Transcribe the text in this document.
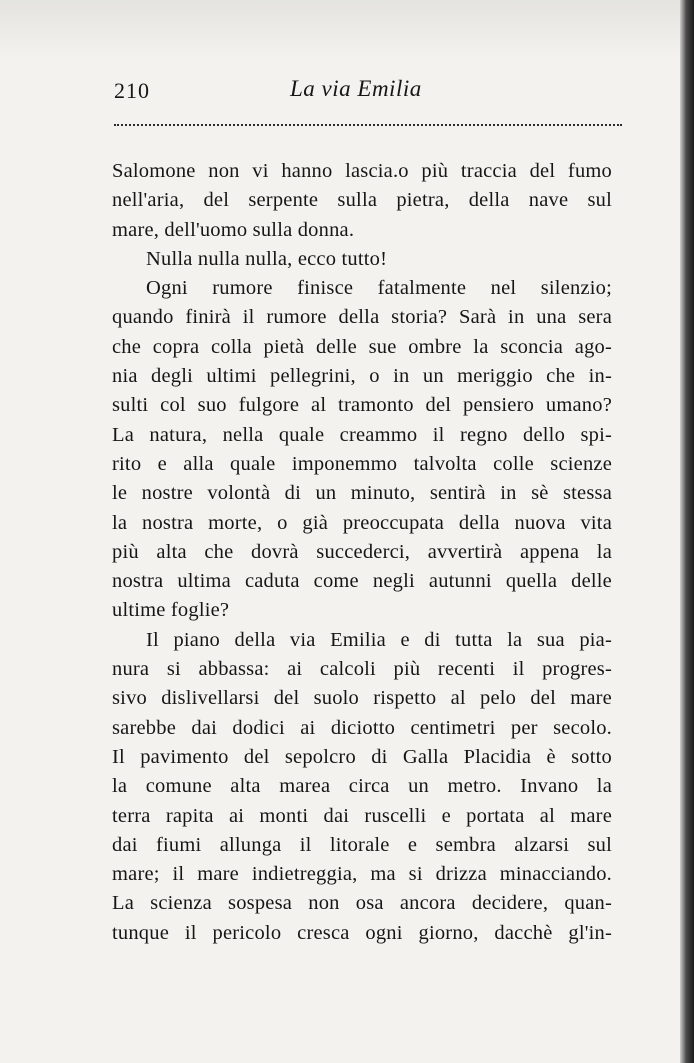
210	La via Emilia
Salomone non vi hanno lascia.o più traccia del fumo
nell'aria, del serpente sulla pietra, della nave sul
mare, dell'uomo sulla donna.
Nulla nulla nulla, ecco tutto!
Ogni rumore finisce fatalmente nel silenzio;
quando finirà il rumore della storia? Sarà in una sera
che copra colla pietà delle sue ombre la sconcia ago-
nia degli ultimi pellegrini, o in un meriggio che in-
sulti col suo fulgore al tramonto del pensiero umano?
La natura, nella quale creammo il regno dello spi-
rito e alla quale imponemmo talvolta colle scienze
le nostre volontà di un minuto, sentirà in sè stessa
la nostra morte, o già preoccupata della nuova vita
più alta che dovrà succederci, avvertirà appena la
nostra ultima caduta come negli autunni quella delle
ultime foglie?
Il piano della via Emilia e di tutta la sua pia-
nura si abbassa: ai calcoli più recenti il progres-
sivo dislivellarsi del suolo rispetto al pelo del mare
sarebbe dai dodici ai diciotto centimetri per secolo.
Il pavimento del sepolcro di Galla Placidia è sotto
la comune alta marea circa un metro. Invano la
terra rapita ai monti dai ruscelli e portata al mare
dai fiumi allunga il litorale e sembra alzarsi sul
mare; il mare indietreggia, ma si drizza minacciando.
La scienza sospesa non osa ancora decidere, quan-
tunque il pericolo cresca ogni giorno, dacchè gl'in-
